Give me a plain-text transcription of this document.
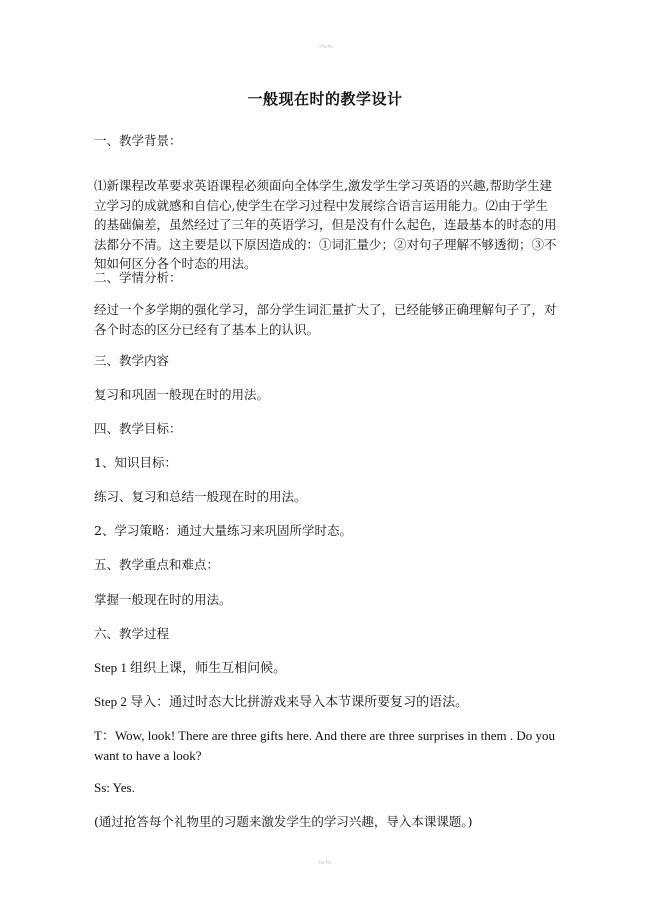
—Ma/Ма
一般现在时的教学设计

一、教学背景：

⑴新课程改革要求英语课程必须面向全体学生,激发学生学习英语的兴趣,帮助学生建立学习的成就感和自信心,使学生在学习过程中发展综合语言运用能力。⑵由于学生的基础偏差，虽然经过了三年的英语学习，但是没有什么起色，连最基本的时态的用法都分不清。这主要是以下原因造成的：①词汇量少；②对句子理解不够透彻；③不知如何区分各个时态的用法。

二、学情分析：

经过一个多学期的强化学习，部分学生词汇量扩大了，已经能够正确理解句子了，对各个时态的区分已经有了基本上的认识。

三、教学内容

复习和巩固一般现在时的用法。

四、教学目标：

1、知识目标：

练习、复习和总结一般现在时的用法。

2、学习策略：通过大量练习来巩固所学时态。

五、教学重点和难点：

掌握一般现在时的用法。

六、教学过程

Step 1 组织上课，师生互相问候。

Step 2 导入：通过时态大比拼游戏来导入本节课所要复习的语法。

T：Wow, look! There are three gifts here. And there are three surprises in them . Do you want to have a look?

Ss: Yes.

(通过抢答每个礼物里的习题来激发学生的学习兴趣，导入本课课题。)

Ма/Ма
